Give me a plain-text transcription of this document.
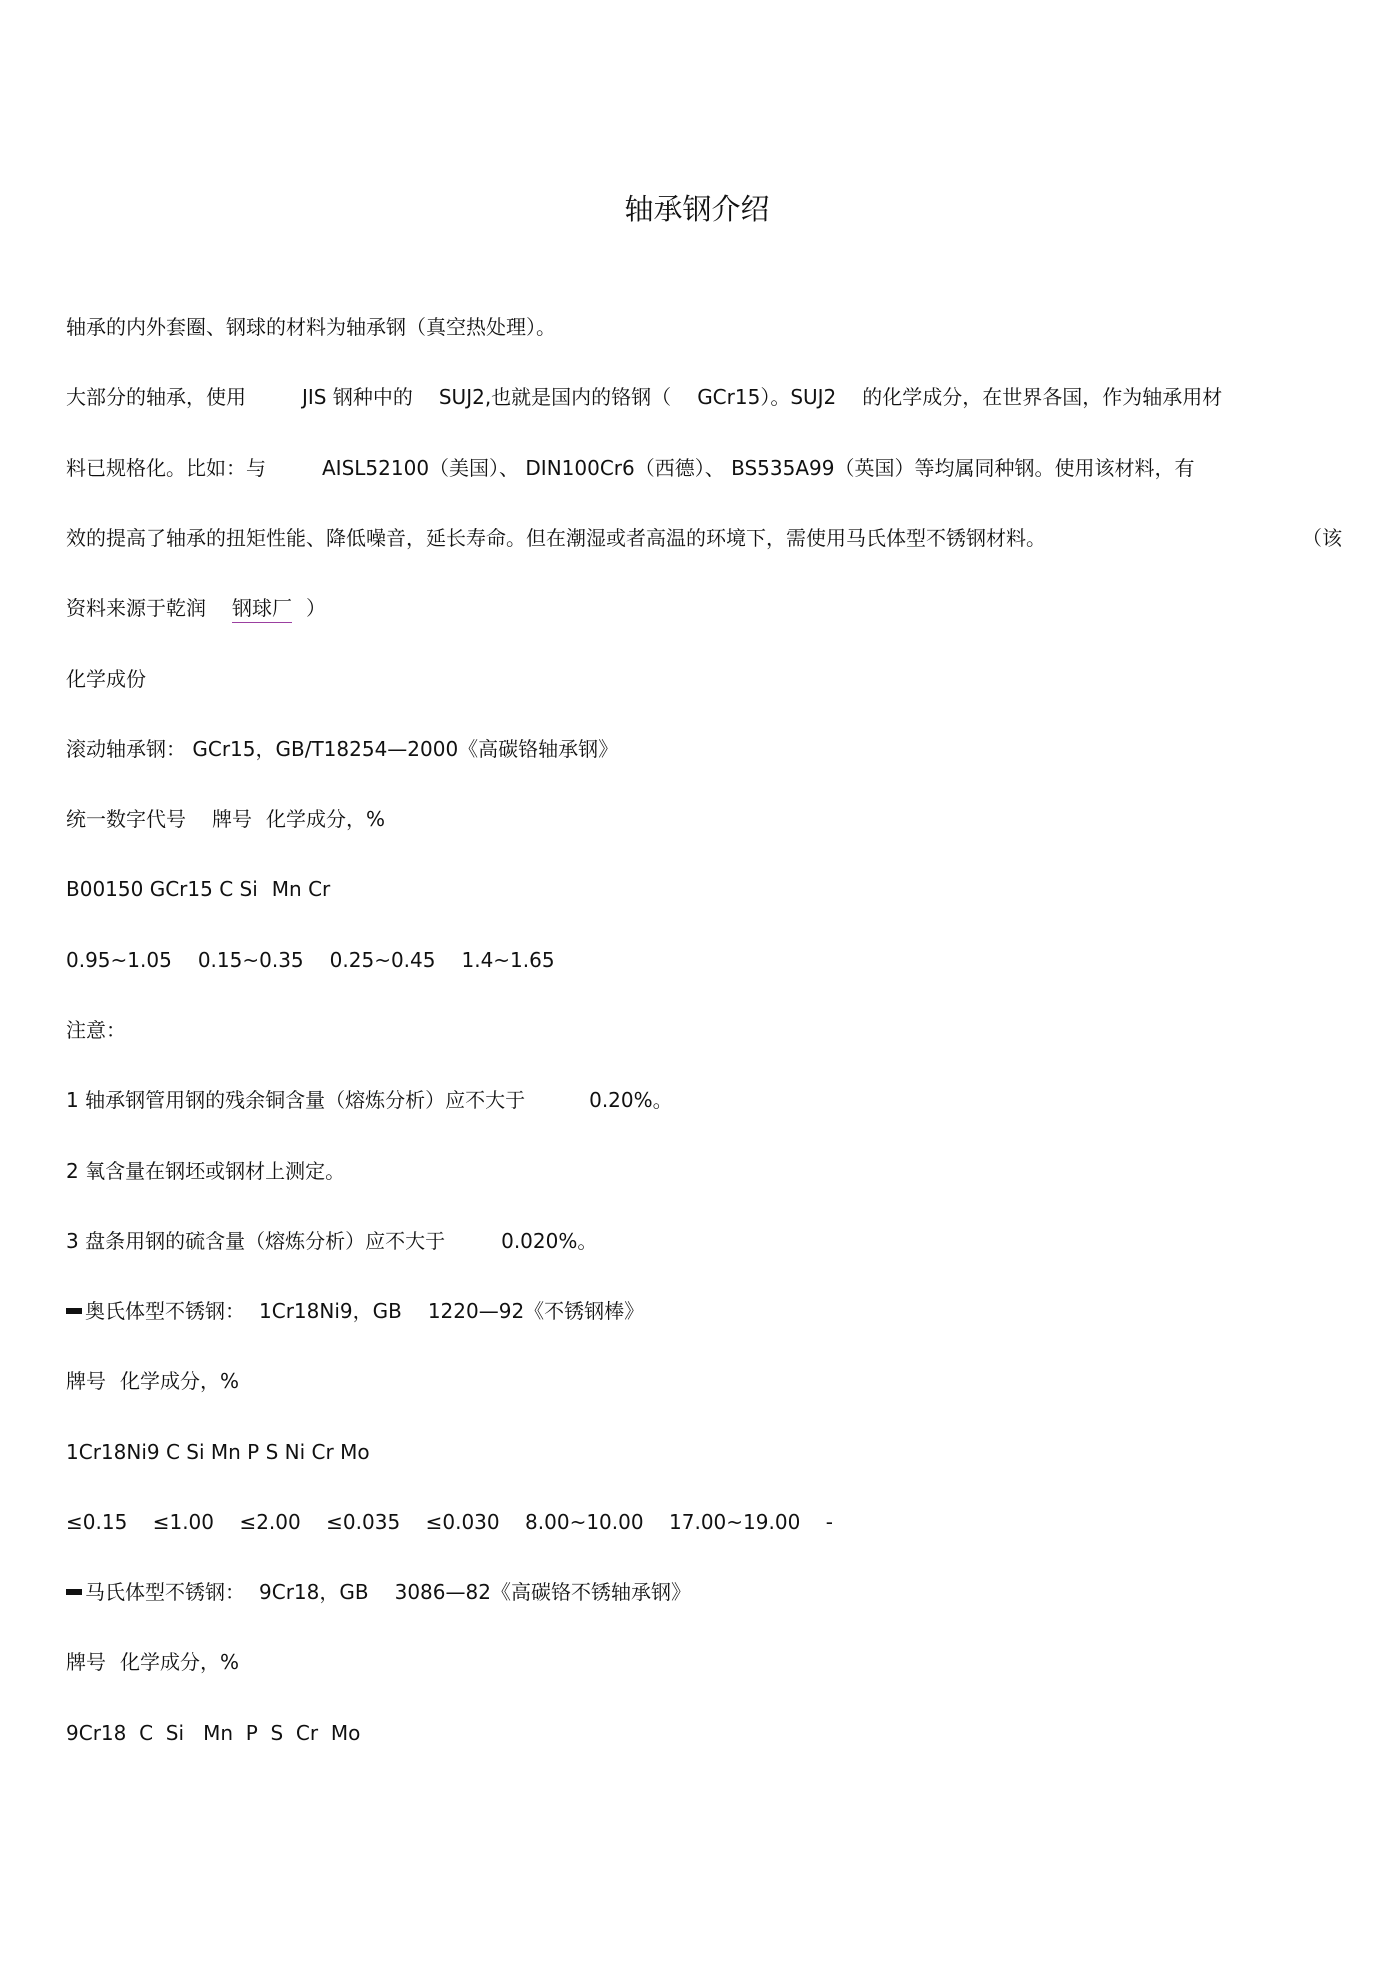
轴承钢介绍
轴承的内外套圈、钢球的材料为轴承钢（真空热处理）。
大部分的轴承，使用	JIS 钢种中的 SUJ2,也就是国内的铬钢（ GCr15）。SUJ2 的化学成分，在世界各国，作为轴承用材
料已规格化。比如：与	AISL52100（美国）、 DIN100Cr6（西德）、 BS535A99（英国）等均属同种钢。使用该材料，有
效的提高了轴承的扭矩性能、降低噪音，延长寿命。但在潮湿或者高温的环境下，需使用马氏体型不锈钢材料。	（该
资料来源于乾润 钢球厂 ）
化学成份
滚动轴承钢： GCr15，GB/T18254—2000《高碳铬轴承钢》
统一数字代号 牌号 化学成分，%
B00150 GCr15 C Si Mn Cr
0.95~1.05 0.15~0.35 0.25~0.45 1.4~1.65
注意：
1 轴承钢管用钢的残余铜含量（熔炼分析）应不大于	0.20%。
2 氧含量在钢坯或钢材上测定。
3 盘条用钢的硫含量（熔炼分析）应不大于	0.020%。
奥氏体型不锈钢： 1Cr18Ni9，GB 1220—92《不锈钢棒》
牌号 化学成分，%
1Cr18Ni9 C Si Mn P S Ni Cr Mo
≤0.15    ≤1.00    ≤2.00    ≤0.035    ≤0.030    8.00~10.00    17.00~19.00    -
马氏体型不锈钢： 9Cr18，GB 3086—82《高碳铬不锈轴承钢》
牌号 化学成分，%
9Cr18  C  Si   Mn  P  S  Cr  Mo
